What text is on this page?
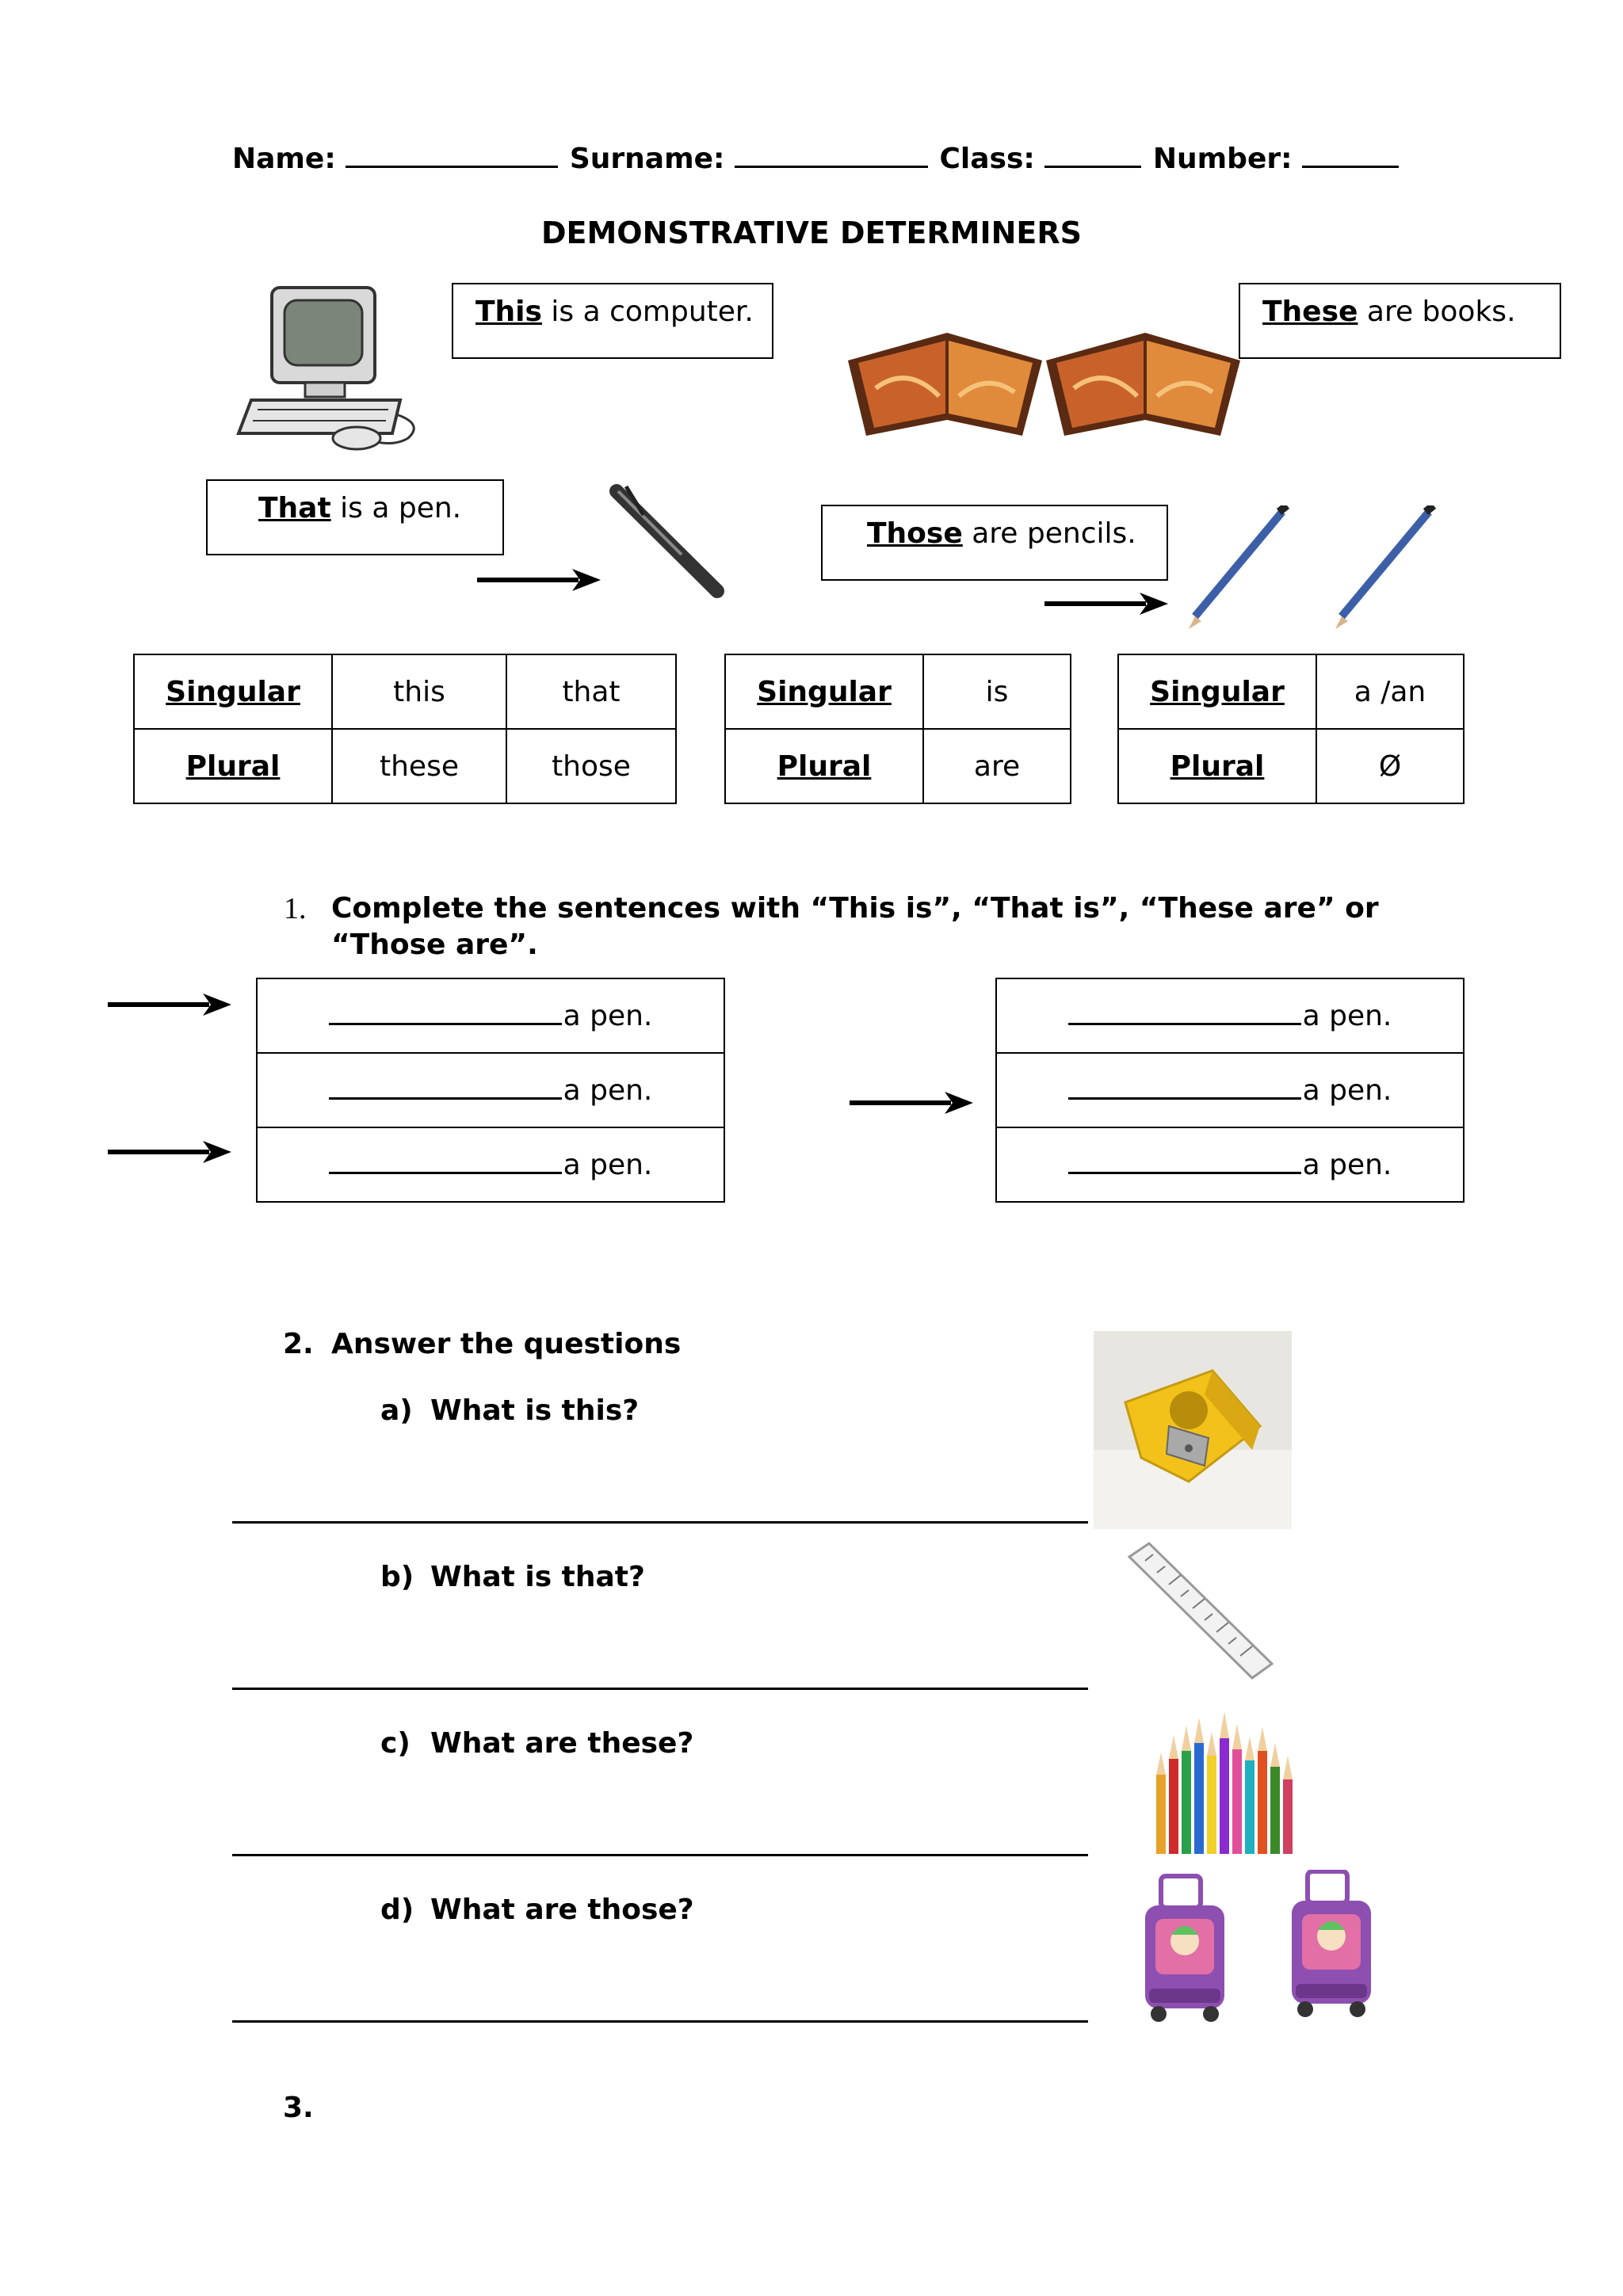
Name:	Surname:	Class:	Number:
DEMONSTRATIVE DETERMINERS
This is a computer.	These are books.
That is a pen.
Those are pencils.
Singular	this	that
Plural	these	those
Singular	is
Plural	are
Singular	a /an
Plural	Ø
1. Complete the sentences with “This is”, “That is”, “These are” or
“Those are”.
a pen.
a pen.
a pen.
a pen.
a pen.
a pen.
2. Answer the questions
a) What is this?
b) What is that?
c) What are these?
d) What are those?
3.
